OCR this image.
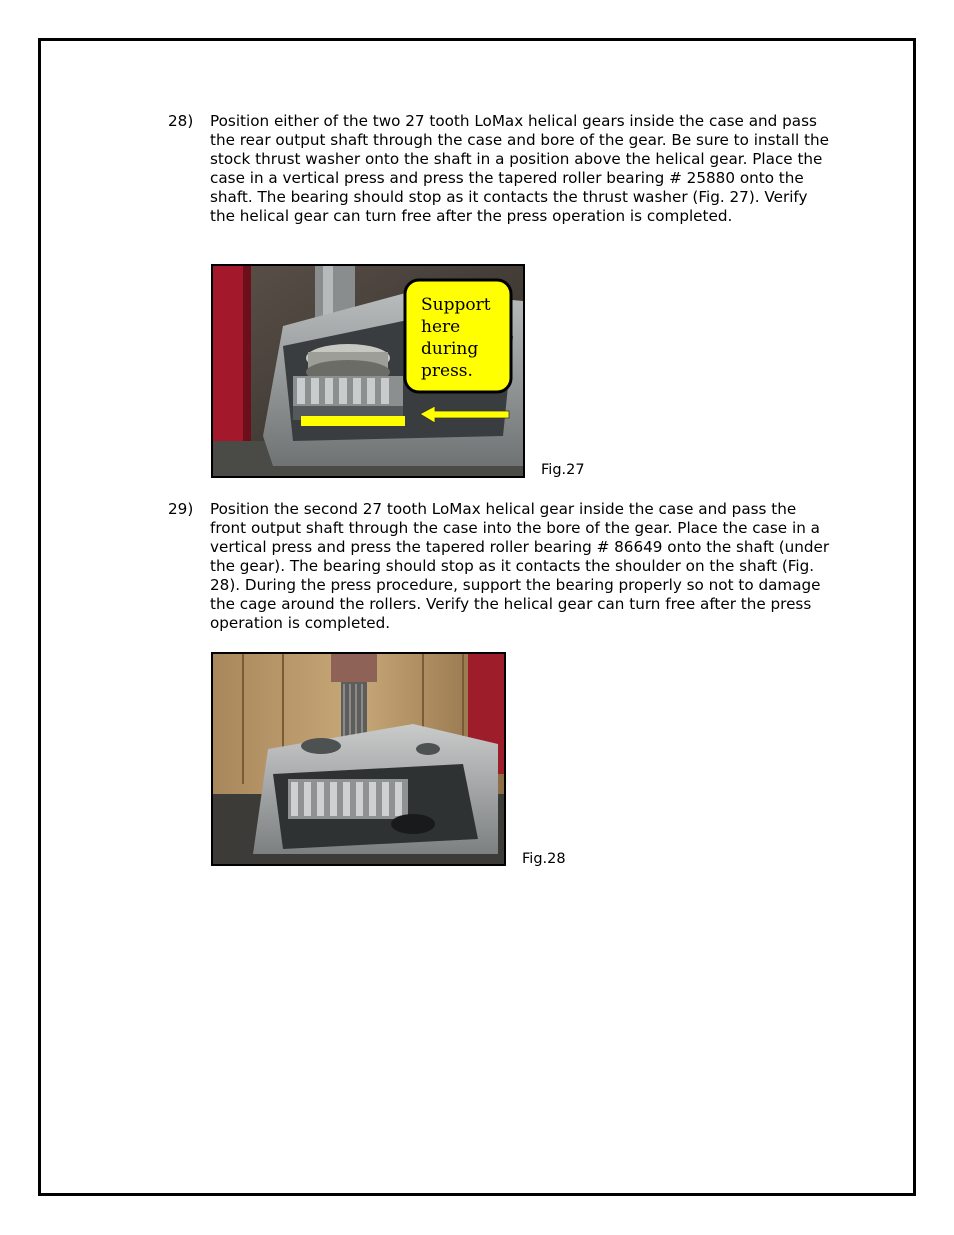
28)	Position either of the two 27 tooth LoMax helical gears inside the case and pass the rear output shaft through the case and bore of the gear. Be sure to install the stock thrust washer onto the shaft in a position above the helical gear. Place the case in a vertical press and press the tapered roller bearing # 25880 onto the shaft. The bearing should stop as it contacts the thrust washer (Fig. 27). Verify the helical gear can turn free after the press operation is completed.
Support
here
during
press.
Fig.27
29)	Position the second 27 tooth LoMax helical gear inside the case and pass the front output shaft through the case into the bore of the gear. Place the case in a vertical press and press the tapered roller bearing # 86649 onto the shaft (under the gear). The bearing should stop as it contacts the shoulder on the shaft (Fig. 28). During the press procedure, support the bearing properly so not to damage the cage around the rollers. Verify the helical gear can turn free after the press operation is completed.
Fig.28
